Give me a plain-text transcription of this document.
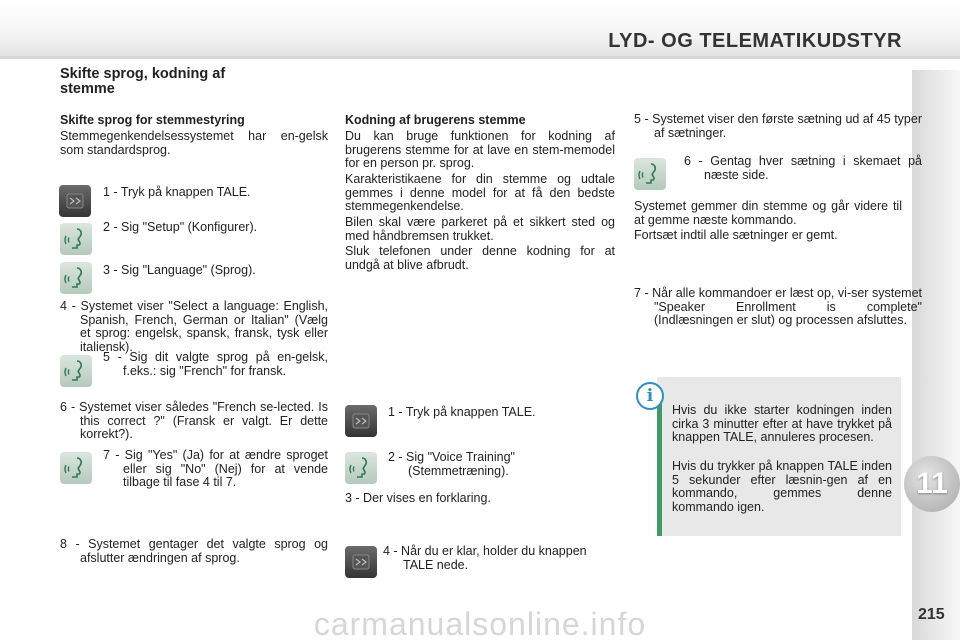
LYD- OG TELEMATIKUDSTYR
11
carmanualsonline.info	215

Skifte sprog, kodning af stemme

Skifte sprog for stemmestyring

Stemmegenkendelsessystemet har en-gelsk som standardsprog.

1 - Tryk på knappen TALE.

2 - Sig "Setup" (Konfigurer).

3 - Sig "Language" (Sprog).

4 - Systemet viser "Select a language: English, Spanish, French, German or Italian" (Vælg et sprog: engelsk, spansk, fransk, tysk eller italiensk).

5 - Sig dit valgte sprog på en-gelsk, f.eks.: sig "French" for fransk.

6 - Systemet viser således "French se-lected. Is this correct ?" (Fransk er valgt. Er dette korrekt?).

7 - Sig "Yes" (Ja) for at ændre sproget eller sig "No" (Nej) for at vende tilbage til fase 4 til 7.

8 - Systemet gentager det valgte sprog og afslutter ændringen af sprog.

Kodning af brugerens stemme

Du kan bruge funktionen for kodning af brugerens stemme for at lave en stem-memodel for en person pr. sprog.

Karakteristikaene for din stemme og udtale gemmes i denne model for at få den bedste stemmegenkendelse.

Bilen skal være parkeret på et sikkert sted og med håndbremsen trukket.

Sluk telefonen under denne kodning for at undgå at blive afbrudt.

1 - Tryk på knappen TALE.

2 - Sig "Voice Training" (Stemmetræning).

3 - Der vises en forklaring.

4 - Når du er klar, holder du knappen TALE nede.

5 - Systemet viser den første sætning ud af 45 typer af sætninger.

6 - Gentag hver sætning i skemaet på næste side.

Systemet gemmer din stemme og går videre til at gemme næste kommando.

Fortsæt indtil alle sætninger er gemt.

7 - Når alle kommandoer er læst op, vi-ser systemet "Speaker Enrollment is complete" (Indlæsningen er slut) og processen afsluttes.

i

Hvis du ikke starter kodningen inden cirka 3 minutter efter at have trykket på knappen TALE, annuleres procesen.

Hvis du trykker på knappen TALE inden 5 sekunder efter læsnin-gen af en kommando, gemmes denne kommando igen.
